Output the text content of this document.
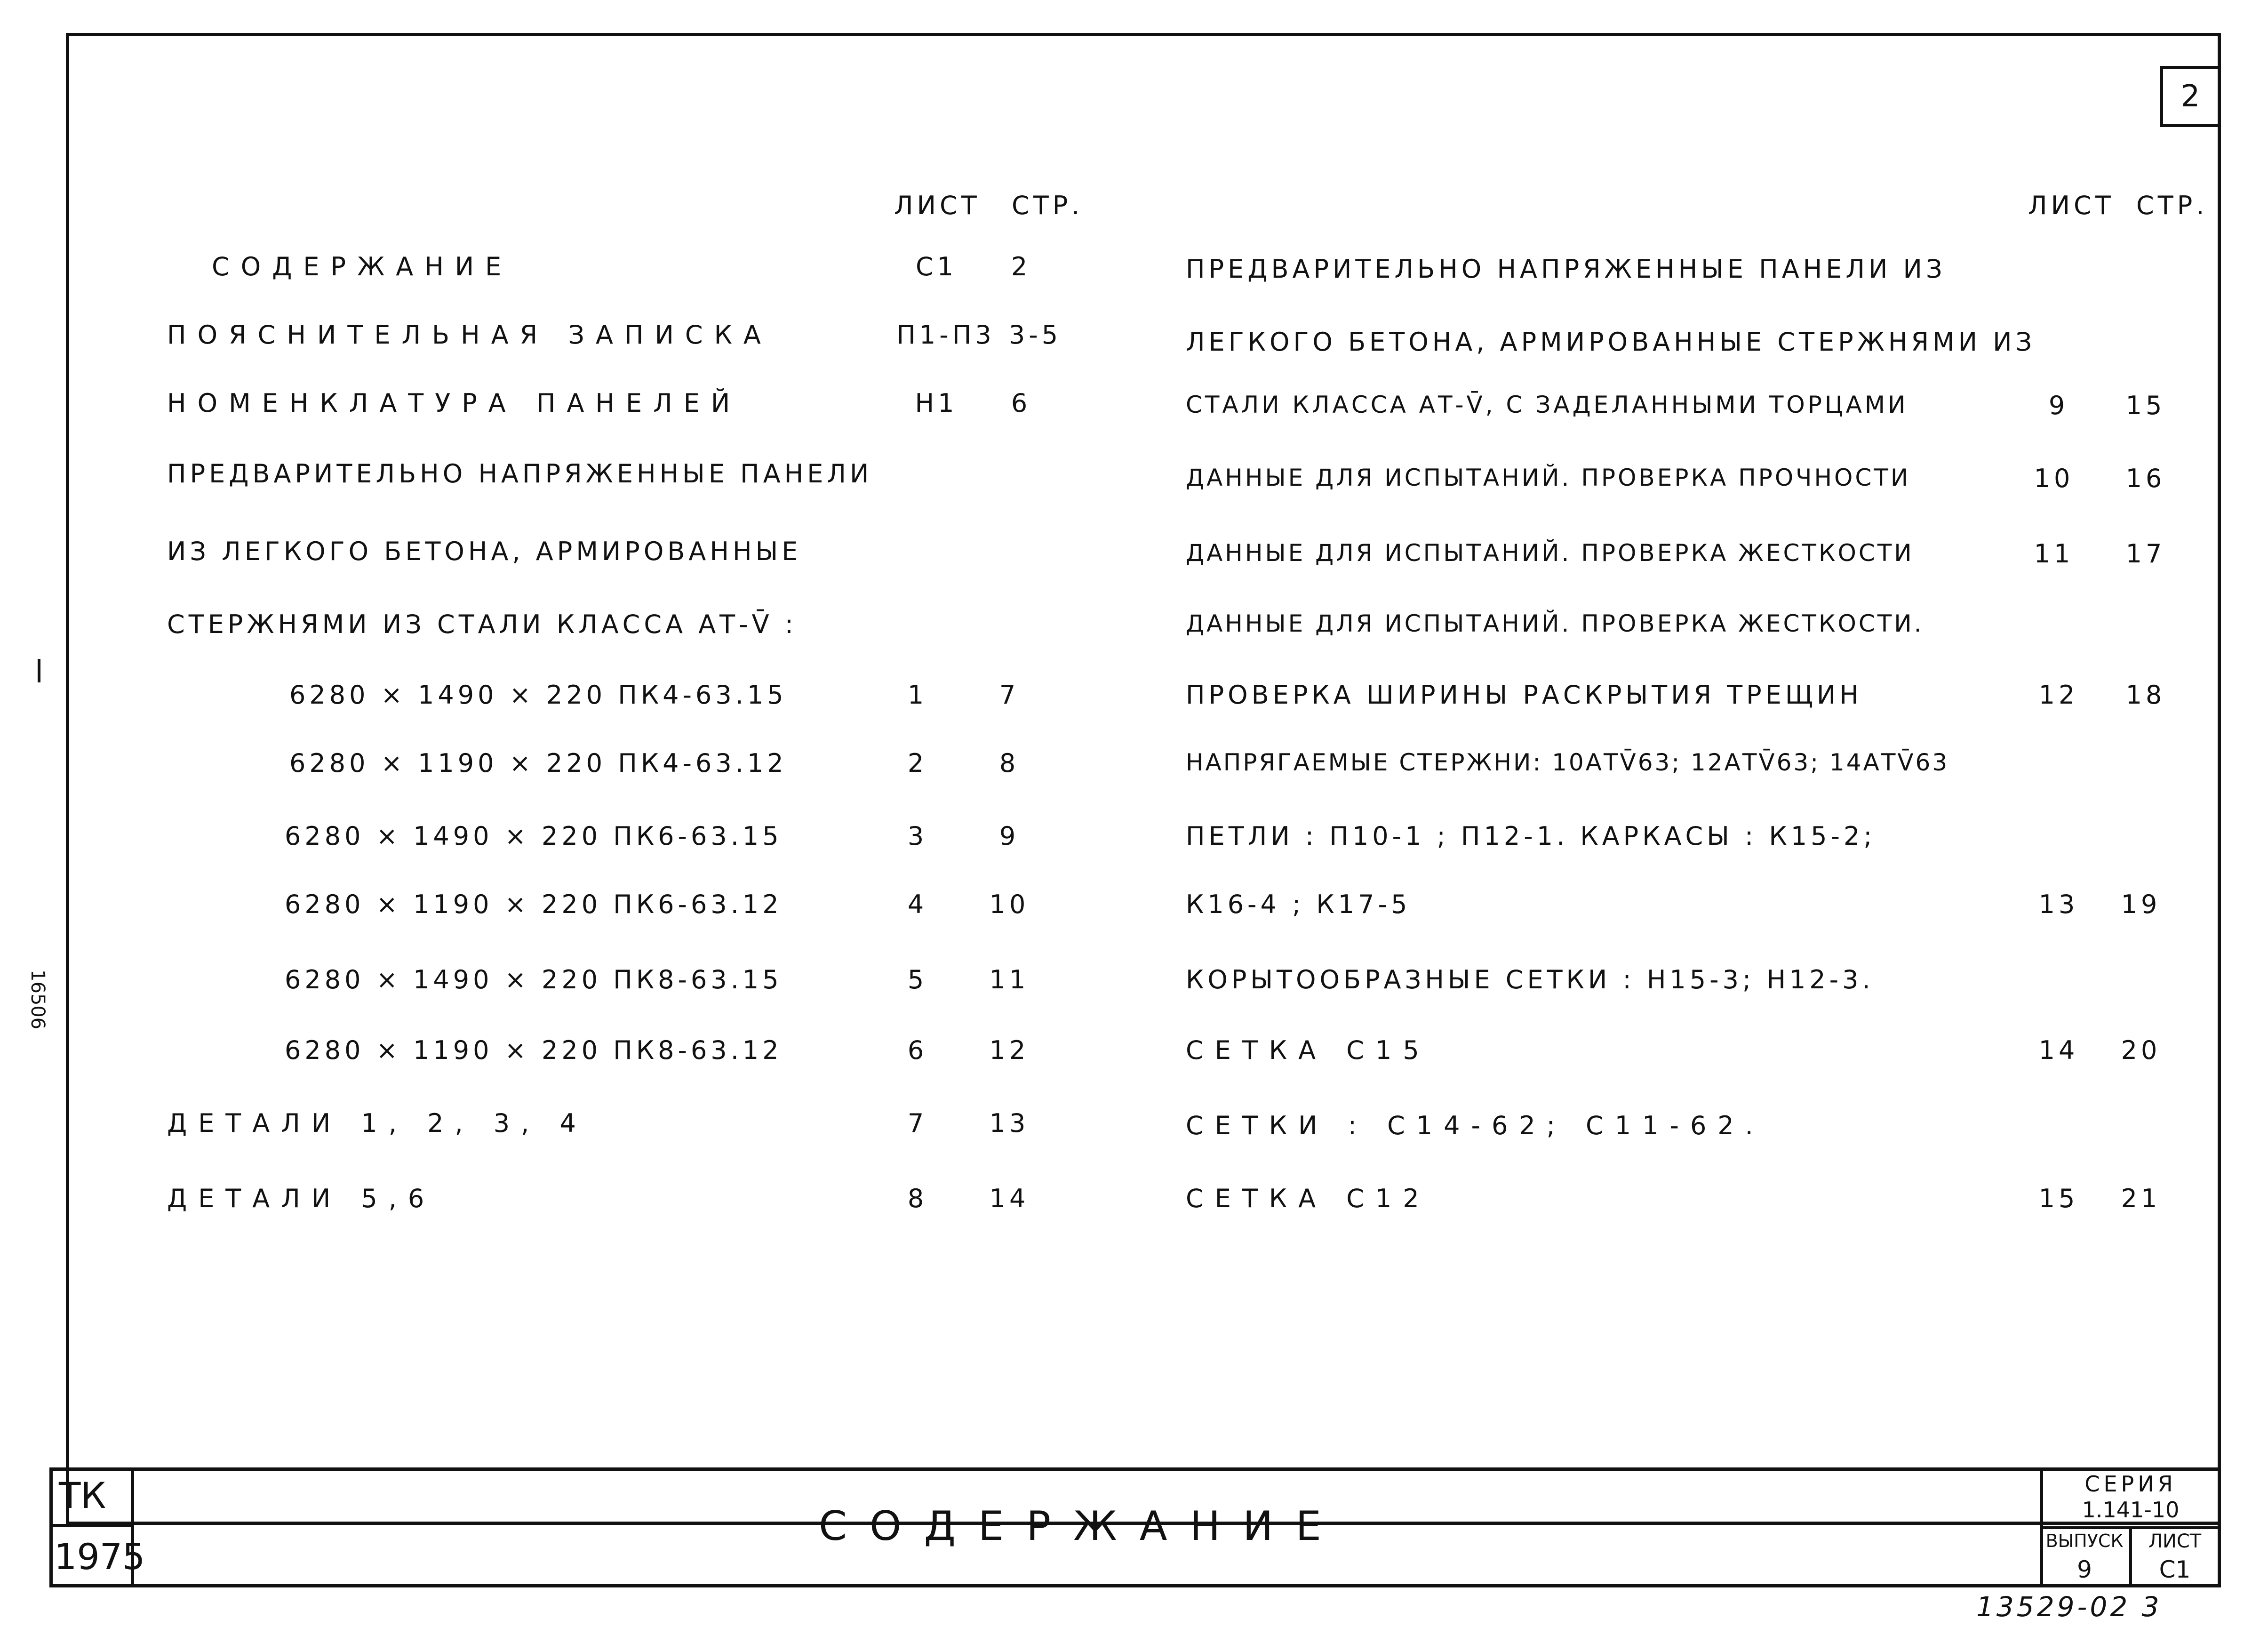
2
16506
ЛИСТ СТР.	ЛИСТ СТР.
СОДЕРЖАНИЕ	С1 2
ПОЯСНИТЕЛЬНАЯ ЗАПИСКА	П1-П3 3-5
НОМЕНКЛАТУРА ПАНЕЛЕЙ	Н1 6
ПРЕДВАРИТЕЛЬНО НАПРЯЖЕННЫЕ ПАНЕЛИ
ИЗ ЛЕГКОГО БЕТОНА, АРМИРОВАННЫЕ
СТЕРЖНЯМИ ИЗ СТАЛИ КЛАССА АТ-V̄ :
6280 × 1490 × 220 ПК4-63.15	1	7
6280 × 1190 × 220 ПК4-63.12	2	8
6280 × 1490 × 220 ПК6-63.15	3	9
6280 × 1190 × 220 ПК6-63.12	4 10
6280 × 1490 × 220 ПК8-63.15	5 11
6280 × 1190 × 220 ПК8-63.12	6 12
ДЕТАЛИ 1, 2, 3, 4	7 13
ДЕТАЛИ 5,6	8 14
ПРЕДВАРИТЕЛЬНО НАПРЯЖЕННЫЕ ПАНЕЛИ ИЗ
ЛЕГКОГО БЕТОНА, АРМИРОВАННЫЕ СТЕРЖНЯМИ ИЗ
СТАЛИ КЛАССА АТ-V̄, С ЗАДЕЛАННЫМИ ТОРЦАМИ	9 15
ДАННЫЕ ДЛЯ ИСПЫТАНИЙ. ПРОВЕРКА ПРОЧНОСТИ	10 16
ДАННЫЕ ДЛЯ ИСПЫТАНИЙ. ПРОВЕРКА ЖЕСТКОСТИ	11 17
ДАННЫЕ ДЛЯ ИСПЫТАНИЙ. ПРОВЕРКА ЖЕСТКОСТИ.
ПРОВЕРКА ШИРИНЫ РАСКРЫТИЯ ТРЕЩИН	12 18
НАПРЯГАЕМЫЕ СТЕРЖНИ: 10АТV̄63; 12АТV̄63; 14АТV̄63
ПЕТЛИ : П10-1 ; П12-1. КАРКАСЫ : К15-2;
К16-4 ; К17-5	13 19
КОРЫТООБРАЗНЫЕ СЕТКИ : Н15-3; Н12-3.
СЕТКА С15	14 20
СЕТКИ : С14-62; С11-62.
СЕТКА С12	15 21
ТК
1975
СОДЕРЖАНИЕ
СЕРИЯ
1.141-10
ВЫПУСК
9
ЛИСТ
С1
13529-02 3
